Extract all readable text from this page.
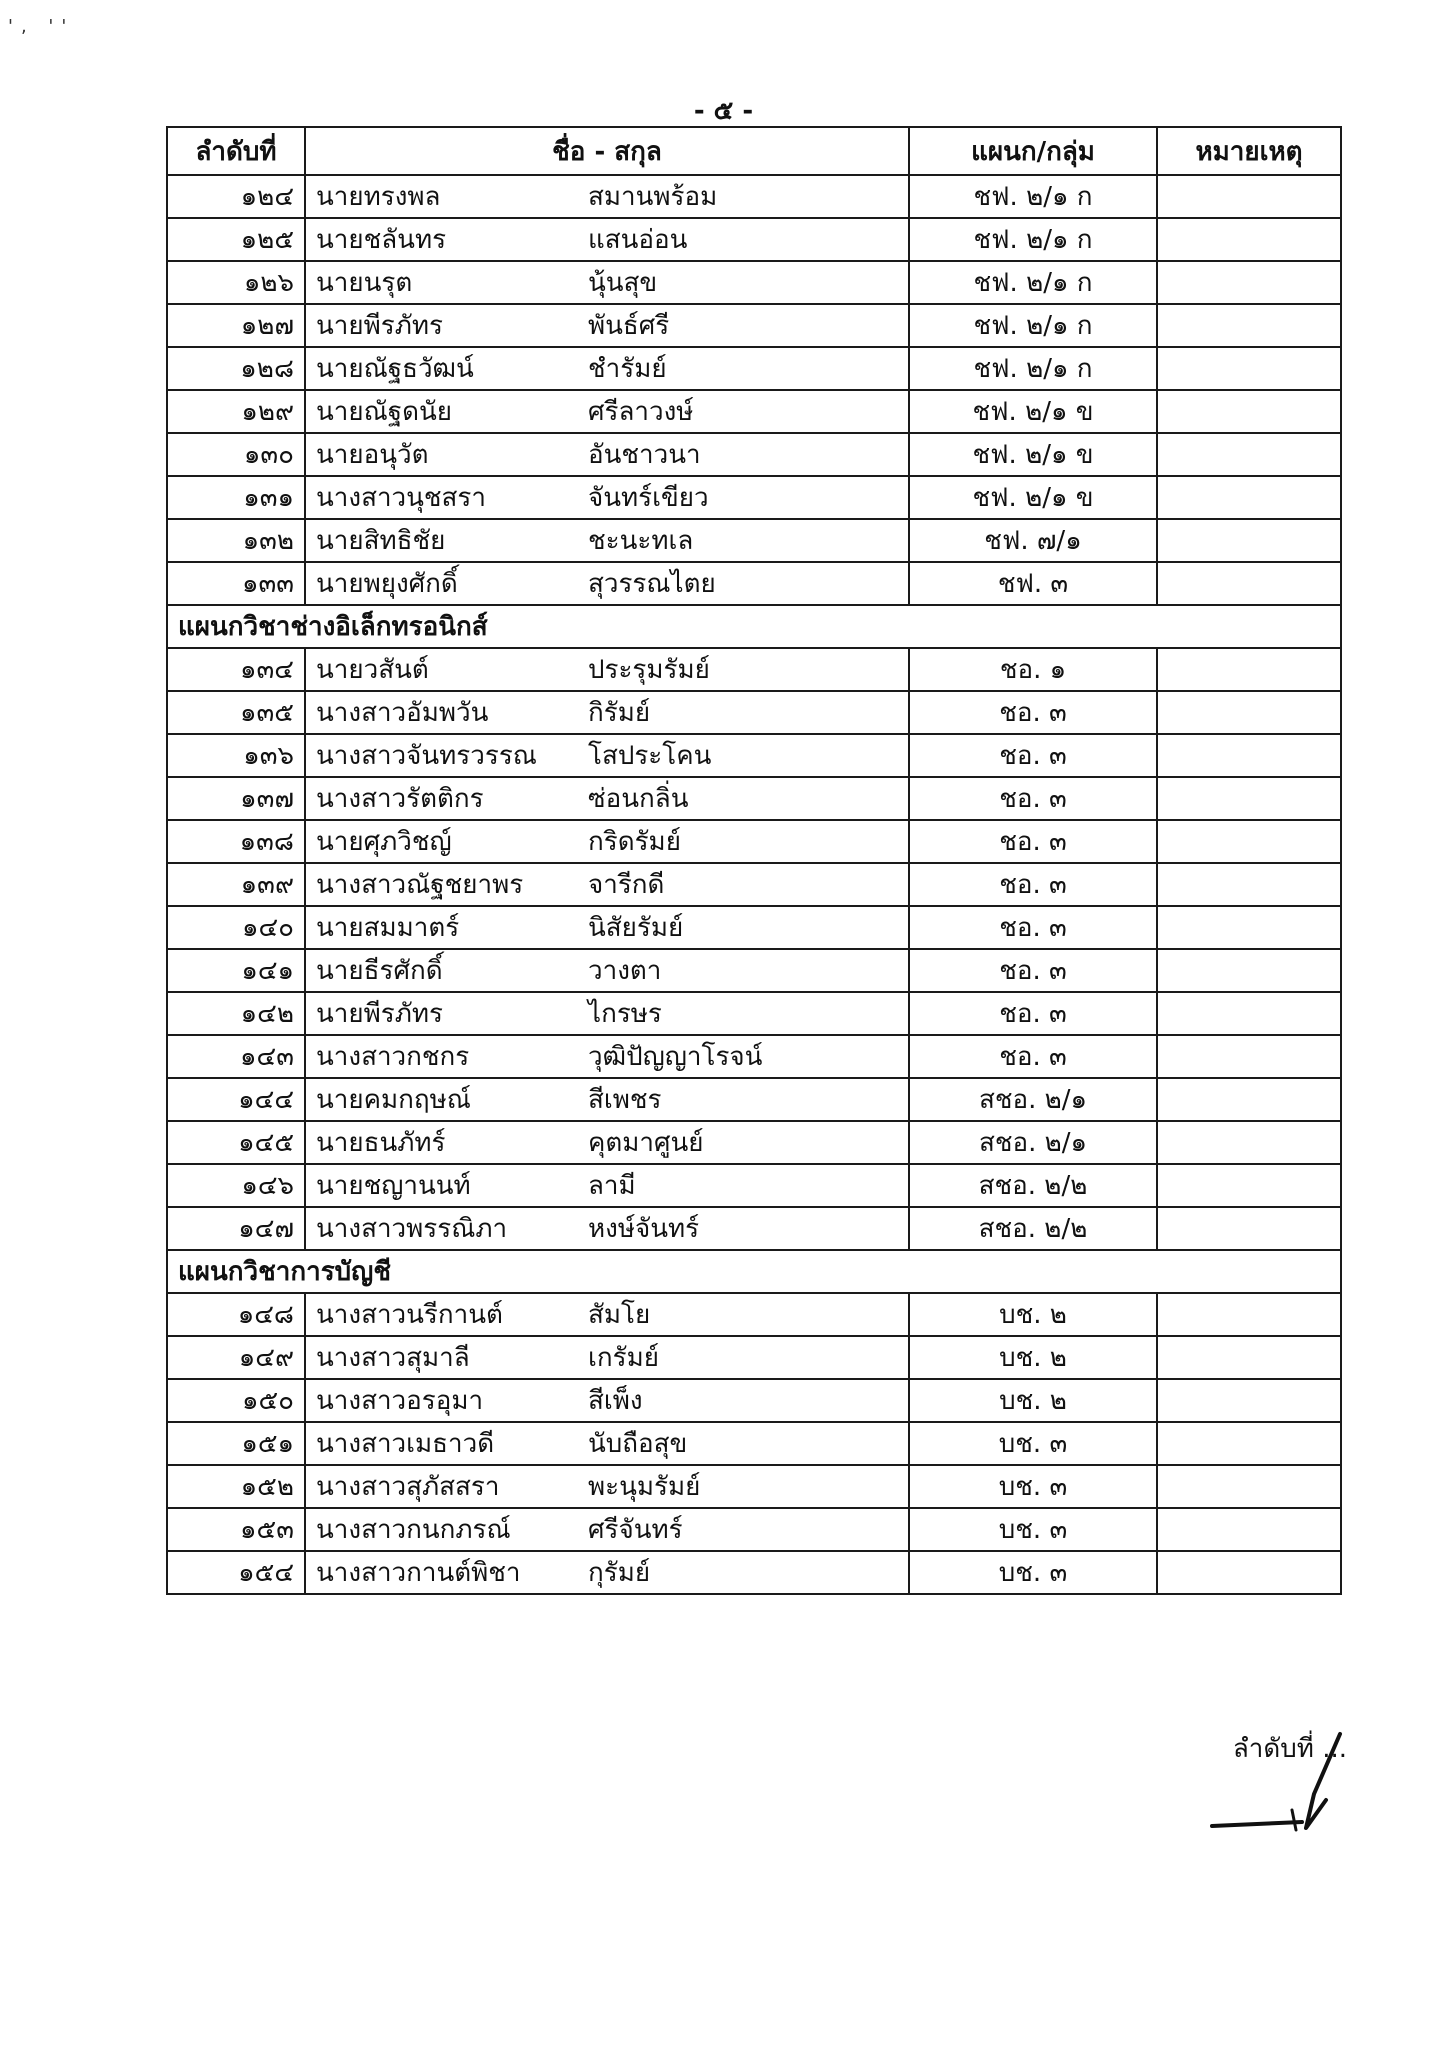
', ''
- ๕ -
ลำดับที่	ชื่อ - สกุล	แผนก/กลุ่ม	หมายเหตุ
๑๒๔	นายทรงพล สมานพร้อม	ชฟ. ๒/๑ ก	
๑๒๕	นายชลันทร แสนอ่อน	ชฟ. ๒/๑ ก	
๑๒๖	นายนรุต นุ้นสุข	ชฟ. ๒/๑ ก	
๑๒๗	นายพีรภัทร พันธ์ศรี	ชฟ. ๒/๑ ก	
๑๒๘	นายณัฐธวัฒน์ ชำรัมย์	ชฟ. ๒/๑ ก	
๑๒๙	นายณัฐดนัย ศรีลาวงษ์	ชฟ. ๒/๑ ข	
๑๓๐	นายอนุวัต อันชาวนา	ชฟ. ๒/๑ ข	
๑๓๑	นางสาวนุชสรา จันทร์เขียว	ชฟ. ๒/๑ ข	
๑๓๒	นายสิทธิชัย ชะนะทเล	ชฟ. ๗/๑	
๑๓๓	นายพยุงศักดิ์ สุวรรณไตย	ชฟ. ๓	
แผนกวิชาช่างอิเล็กทรอนิกส์			
๑๓๔	นายวสันต์ ประรุมรัมย์	ชอ. ๑	
๑๓๕	นางสาวอัมพวัน กิรัมย์	ชอ. ๓	
๑๓๖	นางสาวจันทรวรรณ โสประโคน	ชอ. ๓	
๑๓๗	นางสาวรัตติกร ซ่อนกลิ่น	ชอ. ๓	
๑๓๘	นายศุภวิชญ์ กริดรัมย์	ชอ. ๓	
๑๓๙	นางสาวณัฐชยาพร จารีกดี	ชอ. ๓	
๑๔๐	นายสมมาตร์ นิสัยรัมย์	ชอ. ๓	
๑๔๑	นายธีรศักดิ์ วางตา	ชอ. ๓	
๑๔๒	นายพีรภัทร ไกรษร	ชอ. ๓	
๑๔๓	นางสาวกชกร วุฒิปัญญาโรจน์	ชอ. ๓	
๑๔๔	นายคมกฤษณ์ สีเพชร	สชอ. ๒/๑	
๑๔๕	นายธนภัทร์ คุตมาศูนย์	สชอ. ๒/๑	
๑๔๖	นายชญานนท์ ลามี	สชอ. ๒/๒	
๑๔๗	นางสาวพรรณิภา หงษ์จันทร์	สชอ. ๒/๒	
แผนกวิชาการบัญชี			
๑๔๘	นางสาวนรีกานต์ สัมโย	บช. ๒	
๑๔๙	นางสาวสุมาลี เกรัมย์	บช. ๒	
๑๕๐	นางสาวอรอุมา สีเพ็ง	บช. ๒	
๑๕๑	นางสาวเมธาวดี นับถือสุข	บช. ๓	
๑๕๒	นางสาวสุภัสสรา พะนุมรัมย์	บช. ๓	
๑๕๓	นางสาวกนกภรณ์ ศรีจันทร์	บช. ๓	
๑๕๔	นางสาวกานต์พิชา กุรัมย์	บช. ๓	
ลำดับที่ ...
